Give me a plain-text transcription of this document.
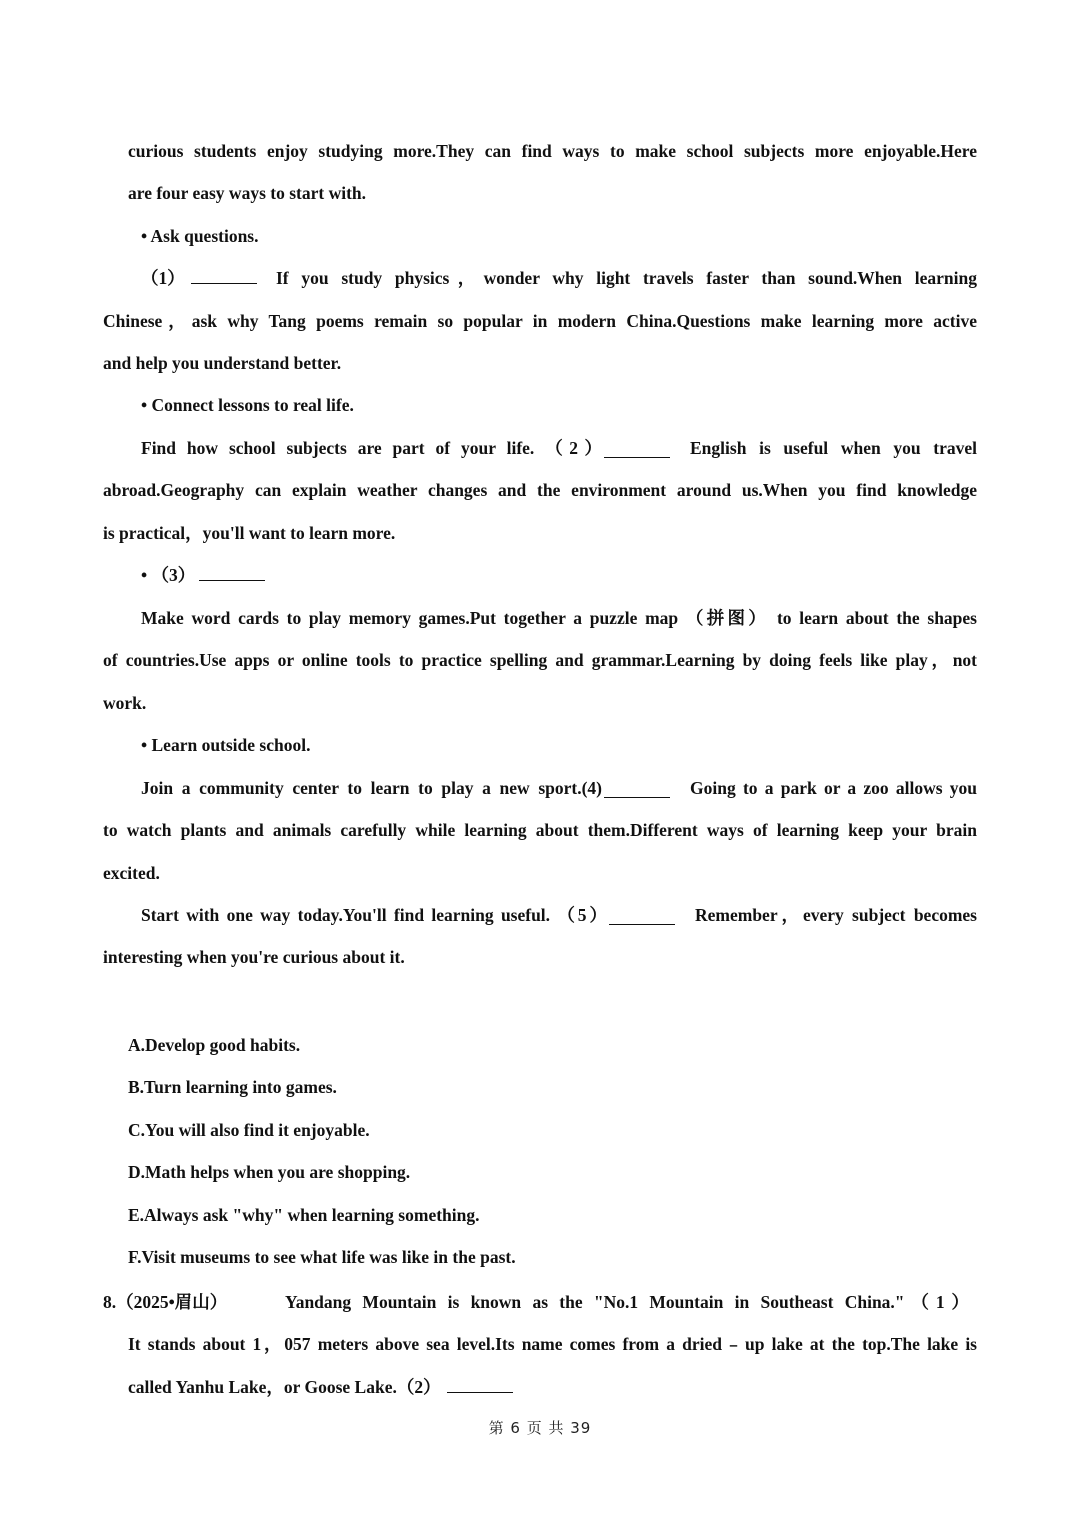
curious students enjoy studying more.They can find ways to make school subjects more enjoyable.Here
are four easy ways to start with.
• Ask questions.
（1）	If you study physics，wonder why light travels faster than sound.When learning
Chinese，ask why Tang poems remain so popular in modern China.Questions make learning more active
and help you understand better.
• Connect lessons to real life.
Find how school subjects are part of your life. （2）	English is useful when you travel
abroad.Geography can explain weather changes and the environment around us.When you find knowledge
is practical，you'll want to learn more.
• （3）
Make word cards to play memory games.Put together a puzzle map （拼图） to learn about the shapes
of countries.Use apps or online tools to practice spelling and grammar.Learning by doing feels like play，not
work.
• Learn outside school.
Join a community center to learn to play a new sport.(4)	Going to a park or a zoo allows you
to watch plants and animals carefully while learning about them.Different ways of learning keep your brain
excited.
Start with one way today.You'll find learning useful. （5）	Remember，every subject becomes
interesting when you're curious about it.
A.Develop good habits.
B.Turn learning into games.
C.You will also find it enjoyable.
D.Math helps when you are shopping.
E.Always ask "why" when learning something.
F.Visit museums to see what life was like in the past.
8.（2025•眉山）	Yandang Mountain is known as the "No.1 Mountain in Southeast China."（1）
It stands about 1，057 meters above sea level.Its name comes from a dried﹣up lake at the top.The lake is
called Yanhu Lake，or Goose Lake.（2）
第 6 页 共 39
